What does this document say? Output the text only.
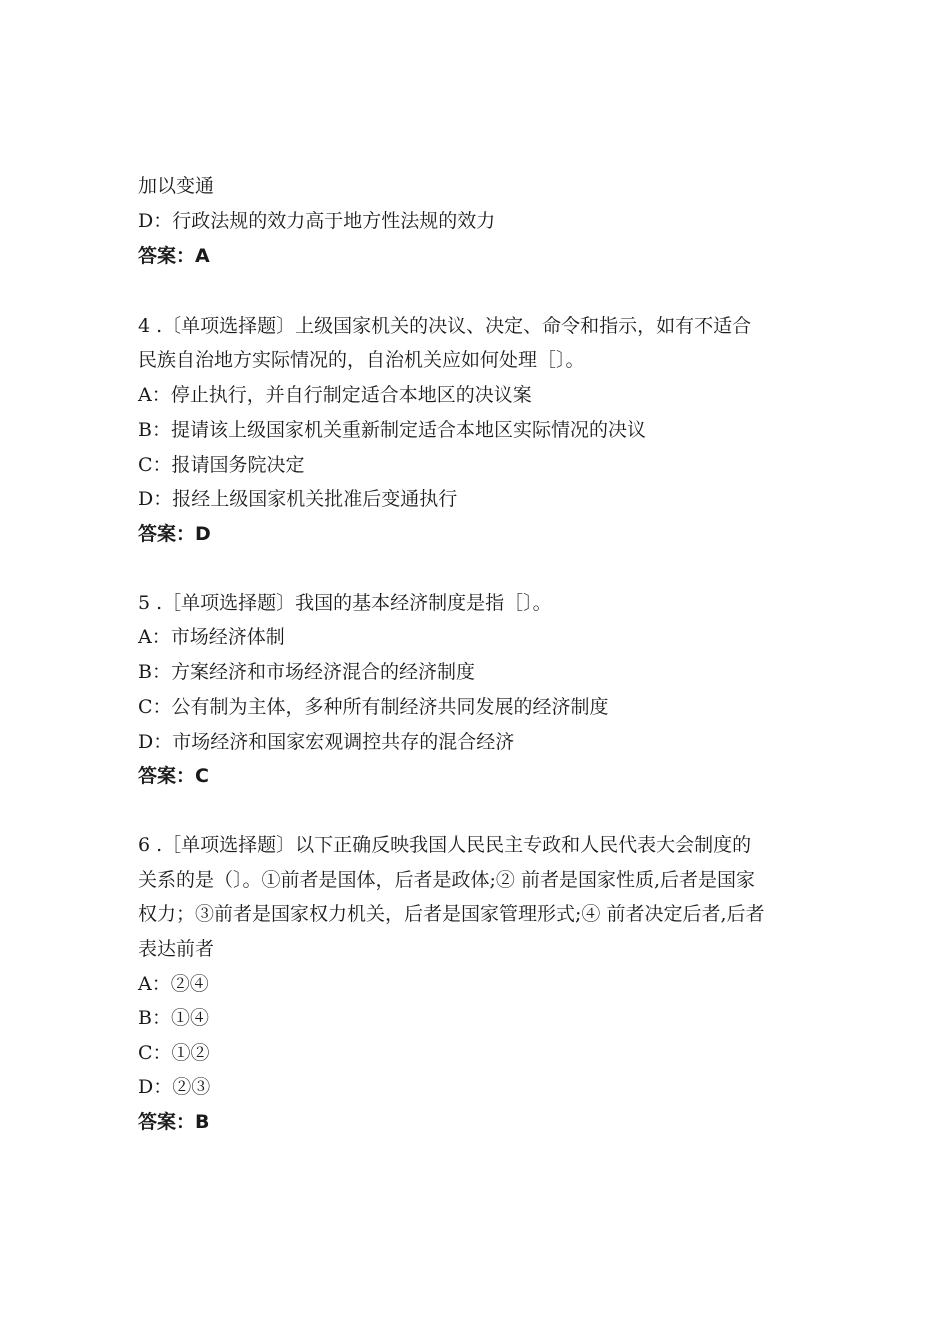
加以变通
D：行政法规的效力高于地方性法规的效力
答案：A
4 .〔单项选择题〕上级国家机关的决议、决定、命令和指示，如有不适合
民族自治地方实际情况的，自治机关应如何处理［〕。
A：停止执行，并自行制定适合本地区的决议案
B：提请该上级国家机关重新制定适合本地区实际情况的决议
C：报请国务院决定
D：报经上级国家机关批准后变通执行
答案：D
5 .［单项选择题〕我国的基本经济制度是指［〕。
A：市场经济体制
B：方案经济和市场经济混合的经济制度
C：公有制为主体，多种所有制经济共同发展的经济制度
D：市场经济和国家宏观调控共存的混合经济
答案：C
6 .［单项选择题〕以下正确反映我国人民民主专政和人民代表大会制度的
关系的是（〕。①前者是国体，后者是政体;② 前者是国家性质,后者是国家
权力；③前者是国家权力机关，后者是国家管理形式;④ 前者决定后者,后者
表达前者
A：②④
B：①④
C：①②
D：②③
答案：B
